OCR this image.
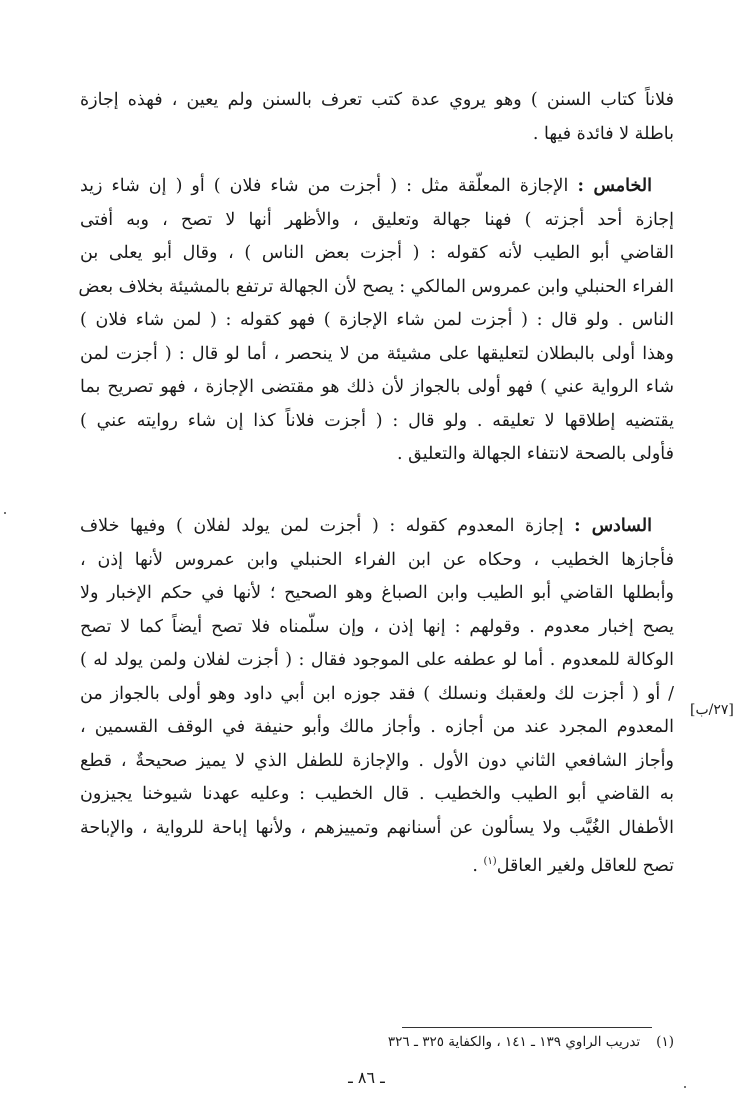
فلاناً كتاب السنن ) وهو يروي عدة كتب تعرف بالسنن ولم يعين ، فهذه إجازة
باطلة لا فائدة فيها .
الخامس : الإجازة المعلّقة مثل : ( أجزت من شاء فلان ) أو ( إن شاء زيد
إجازة أحد أجزته ) فهنا جهالة وتعليق ، والأظهر أنها لا تصح ، وبه أفتى
القاضي أبو الطيب لأنه كقوله : ( أجزت بعض الناس ) ، وقال أبو يعلى بن
الفراء الحنبلي وابن عمروس المالكي : يصح لأن الجهالة ترتفع بالمشيئة بخلاف بعض
الناس . ولو قال : ( أجزت لمن شاء الإجازة ) فهو كقوله : ( لمن شاء فلان )
وهذا أولى بالبطلان لتعليقها على مشيئة من لا ينحصر ، أما لو قال : ( أجزت لمن
شاء الرواية عني ) فهو أولى بالجواز لأن ذلك هو مقتضى الإجازة ، فهو تصريح بما
يقتضيه إطلاقها لا تعليقه . ولو قال : ( أجزت فلاناً كذا إن شاء روايته عني )
فأولى بالصحة لانتفاء الجهالة والتعليق .
السادس : إجازة المعدوم كقوله : ( أجزت لمن يولد لفلان ) وفيها خلاف
فأجازها الخطيب ، وحكاه عن ابن الفراء الحنبلي وابن عمروس لأنها إذن ،
وأبطلها القاضي أبو الطيب وابن الصباغ وهو الصحيح ؛ لأنها في حكم الإخبار ولا
يصح إخبار معدوم . وقولهم : إنها إذن ، وإن سلّمناه فلا تصح أيضاً كما لا تصح
الوكالة للمعدوم . أما لو عطفه على الموجود فقال : ( أجزت لفلان ولمن يولد له )
/ أو ( أجزت لك ولعقبك ونسلك ) فقد جوزه ابن أبي داود وهو أولى بالجواز من
المعدوم المجرد عند من أجازه . وأجاز مالك وأبو حنيفة في الوقف القسمين ،
وأجاز الشافعي الثاني دون الأول . والإجازة للطفل الذي لا يميز صحيحةٌ ، قطع
به القاضي أبو الطيب والخطيب . قال الخطيب : وعليه عهدنا شيوخنا يجيزون
الأطفال الغُيَّب ولا يسألون عن أسنانهم وتمييزهم ، ولأنها إباحة للرواية ، والإباحة
تصح للعاقل ولغير العاقل$^{(١)}$ .
[٢٧/ب]
(١)تدريب الراوي ١٣٩ ـ ١٤١ ، والكفاية ٣٢٥ ـ ٣٢٦
ـ ٨٦ ـ
